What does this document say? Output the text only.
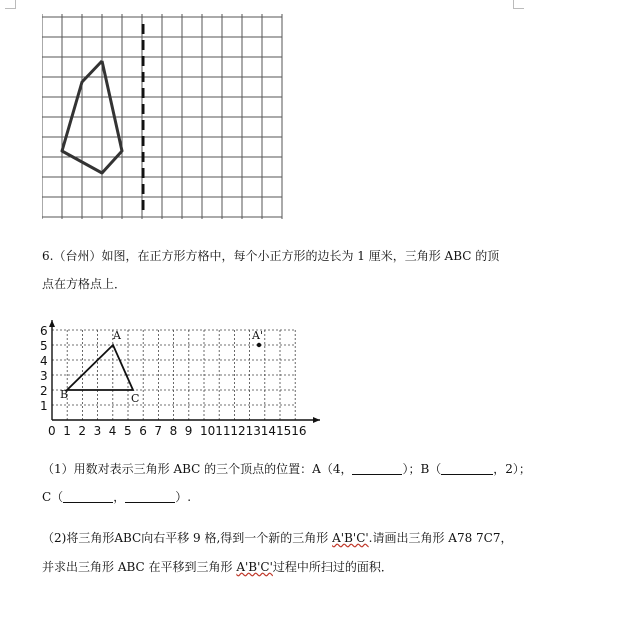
6.（台州）如图，在正方形方格中，每个小正方形的边长为 1 厘米，三角形 ABC 的顶
点在方格点上．
0 1 2 3 4 5 6 7 8 9 10 11 12 13 14 15 16
1
2
3
4
5
6	A
B	C
A'
（1）用数对表示三角形 ABC 的三个顶点的位置：A（4，	）；B（	，2）；
C（	，	）.
（2)将三角形ABC向右平移 9 格,得到一个新的三角形 A'B'C'.请画出三角形 A78 7C7，
并求出三角形 ABC 在平移到三角形 A'B'C'过程中所扫过的面积．
